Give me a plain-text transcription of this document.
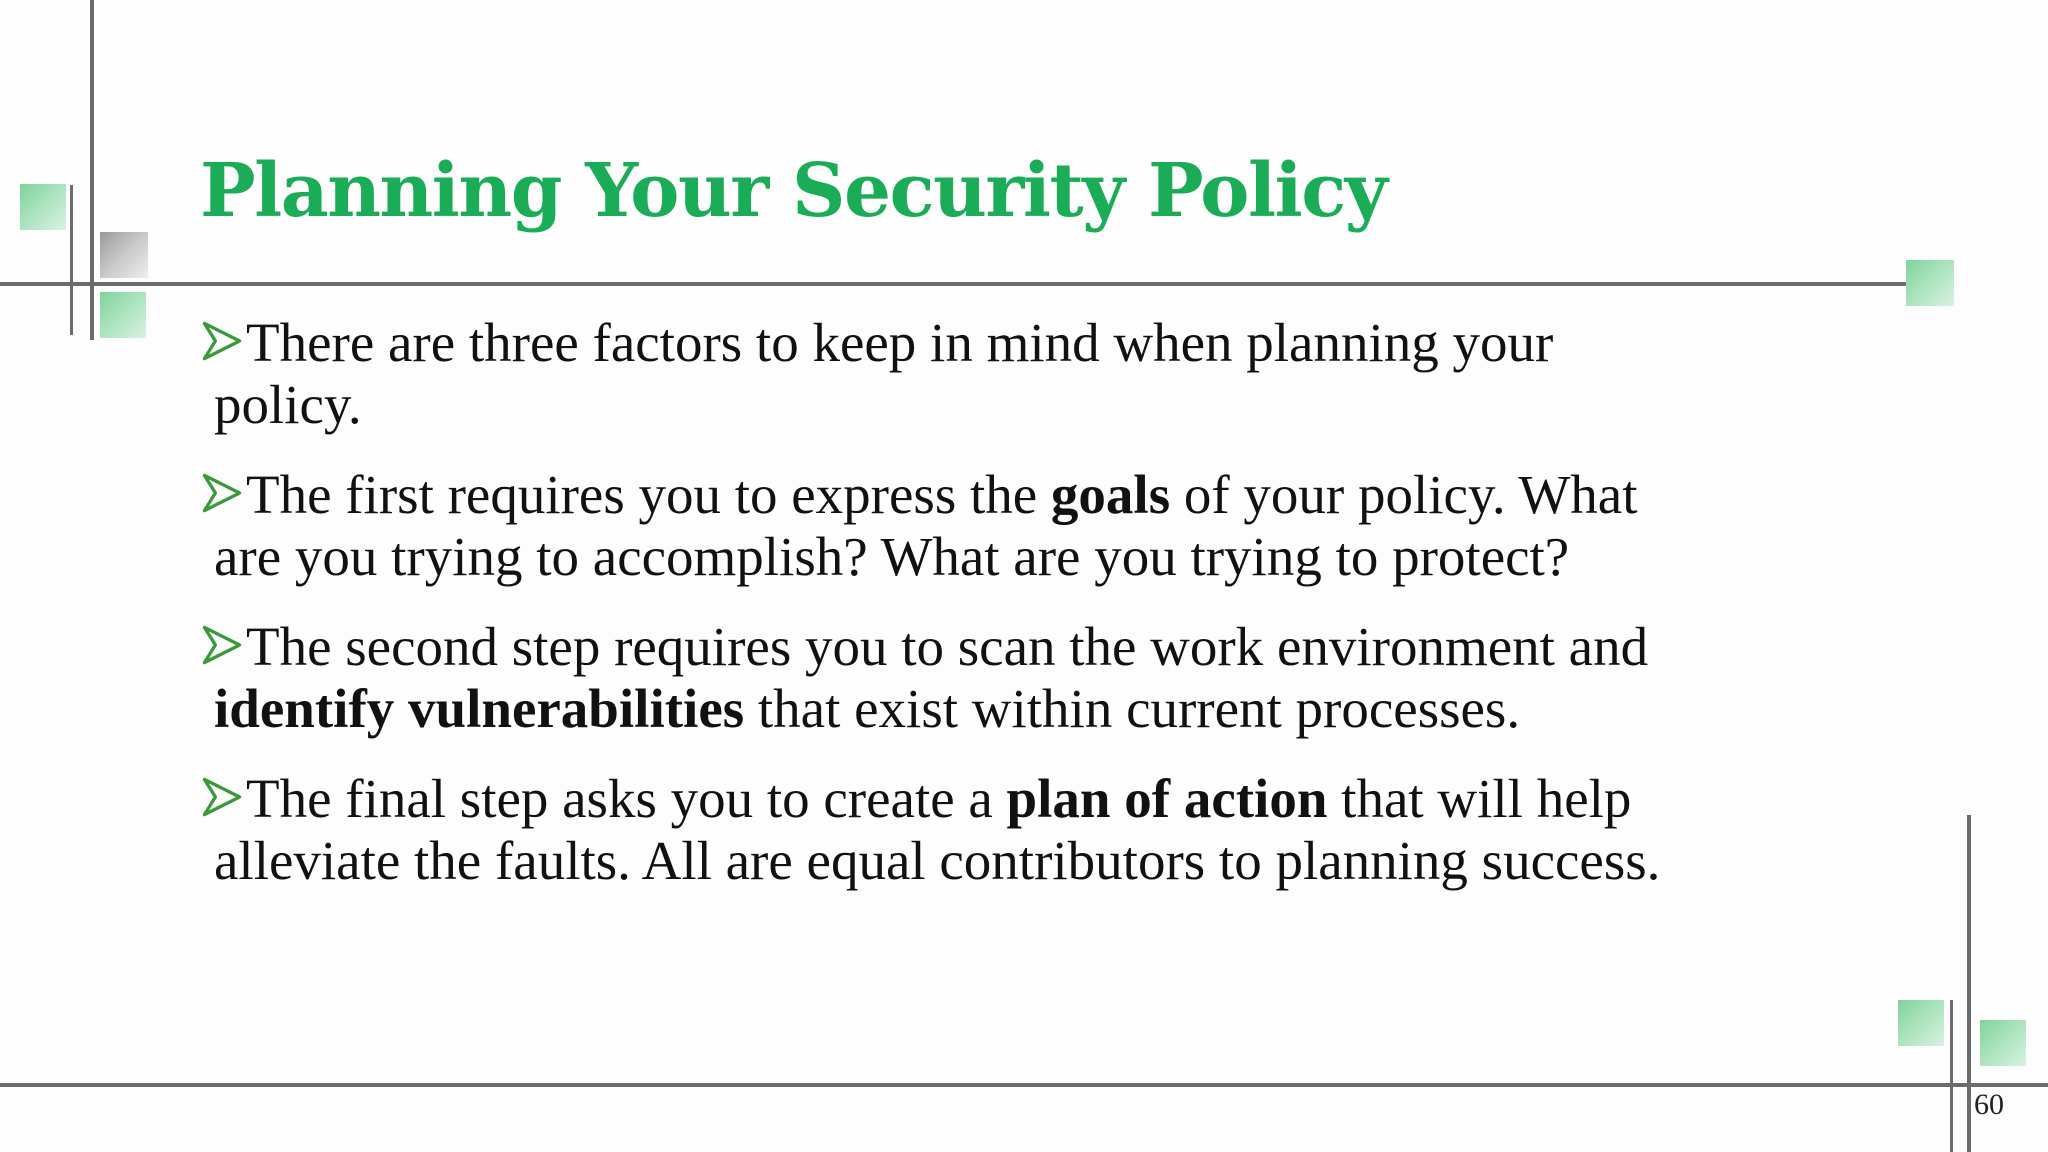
Planning Your Security Policy
There are three factors to keep in mind when planning your
policy.
The first requires you to express the goals of your policy. What
are you trying to accomplish? What are you trying to protect?
The second step requires you to scan the work environment and
identify vulnerabilities that exist within current processes.
The final step asks you to create a plan of action that will help
alleviate the faults. All are equal contributors to planning success.
60
